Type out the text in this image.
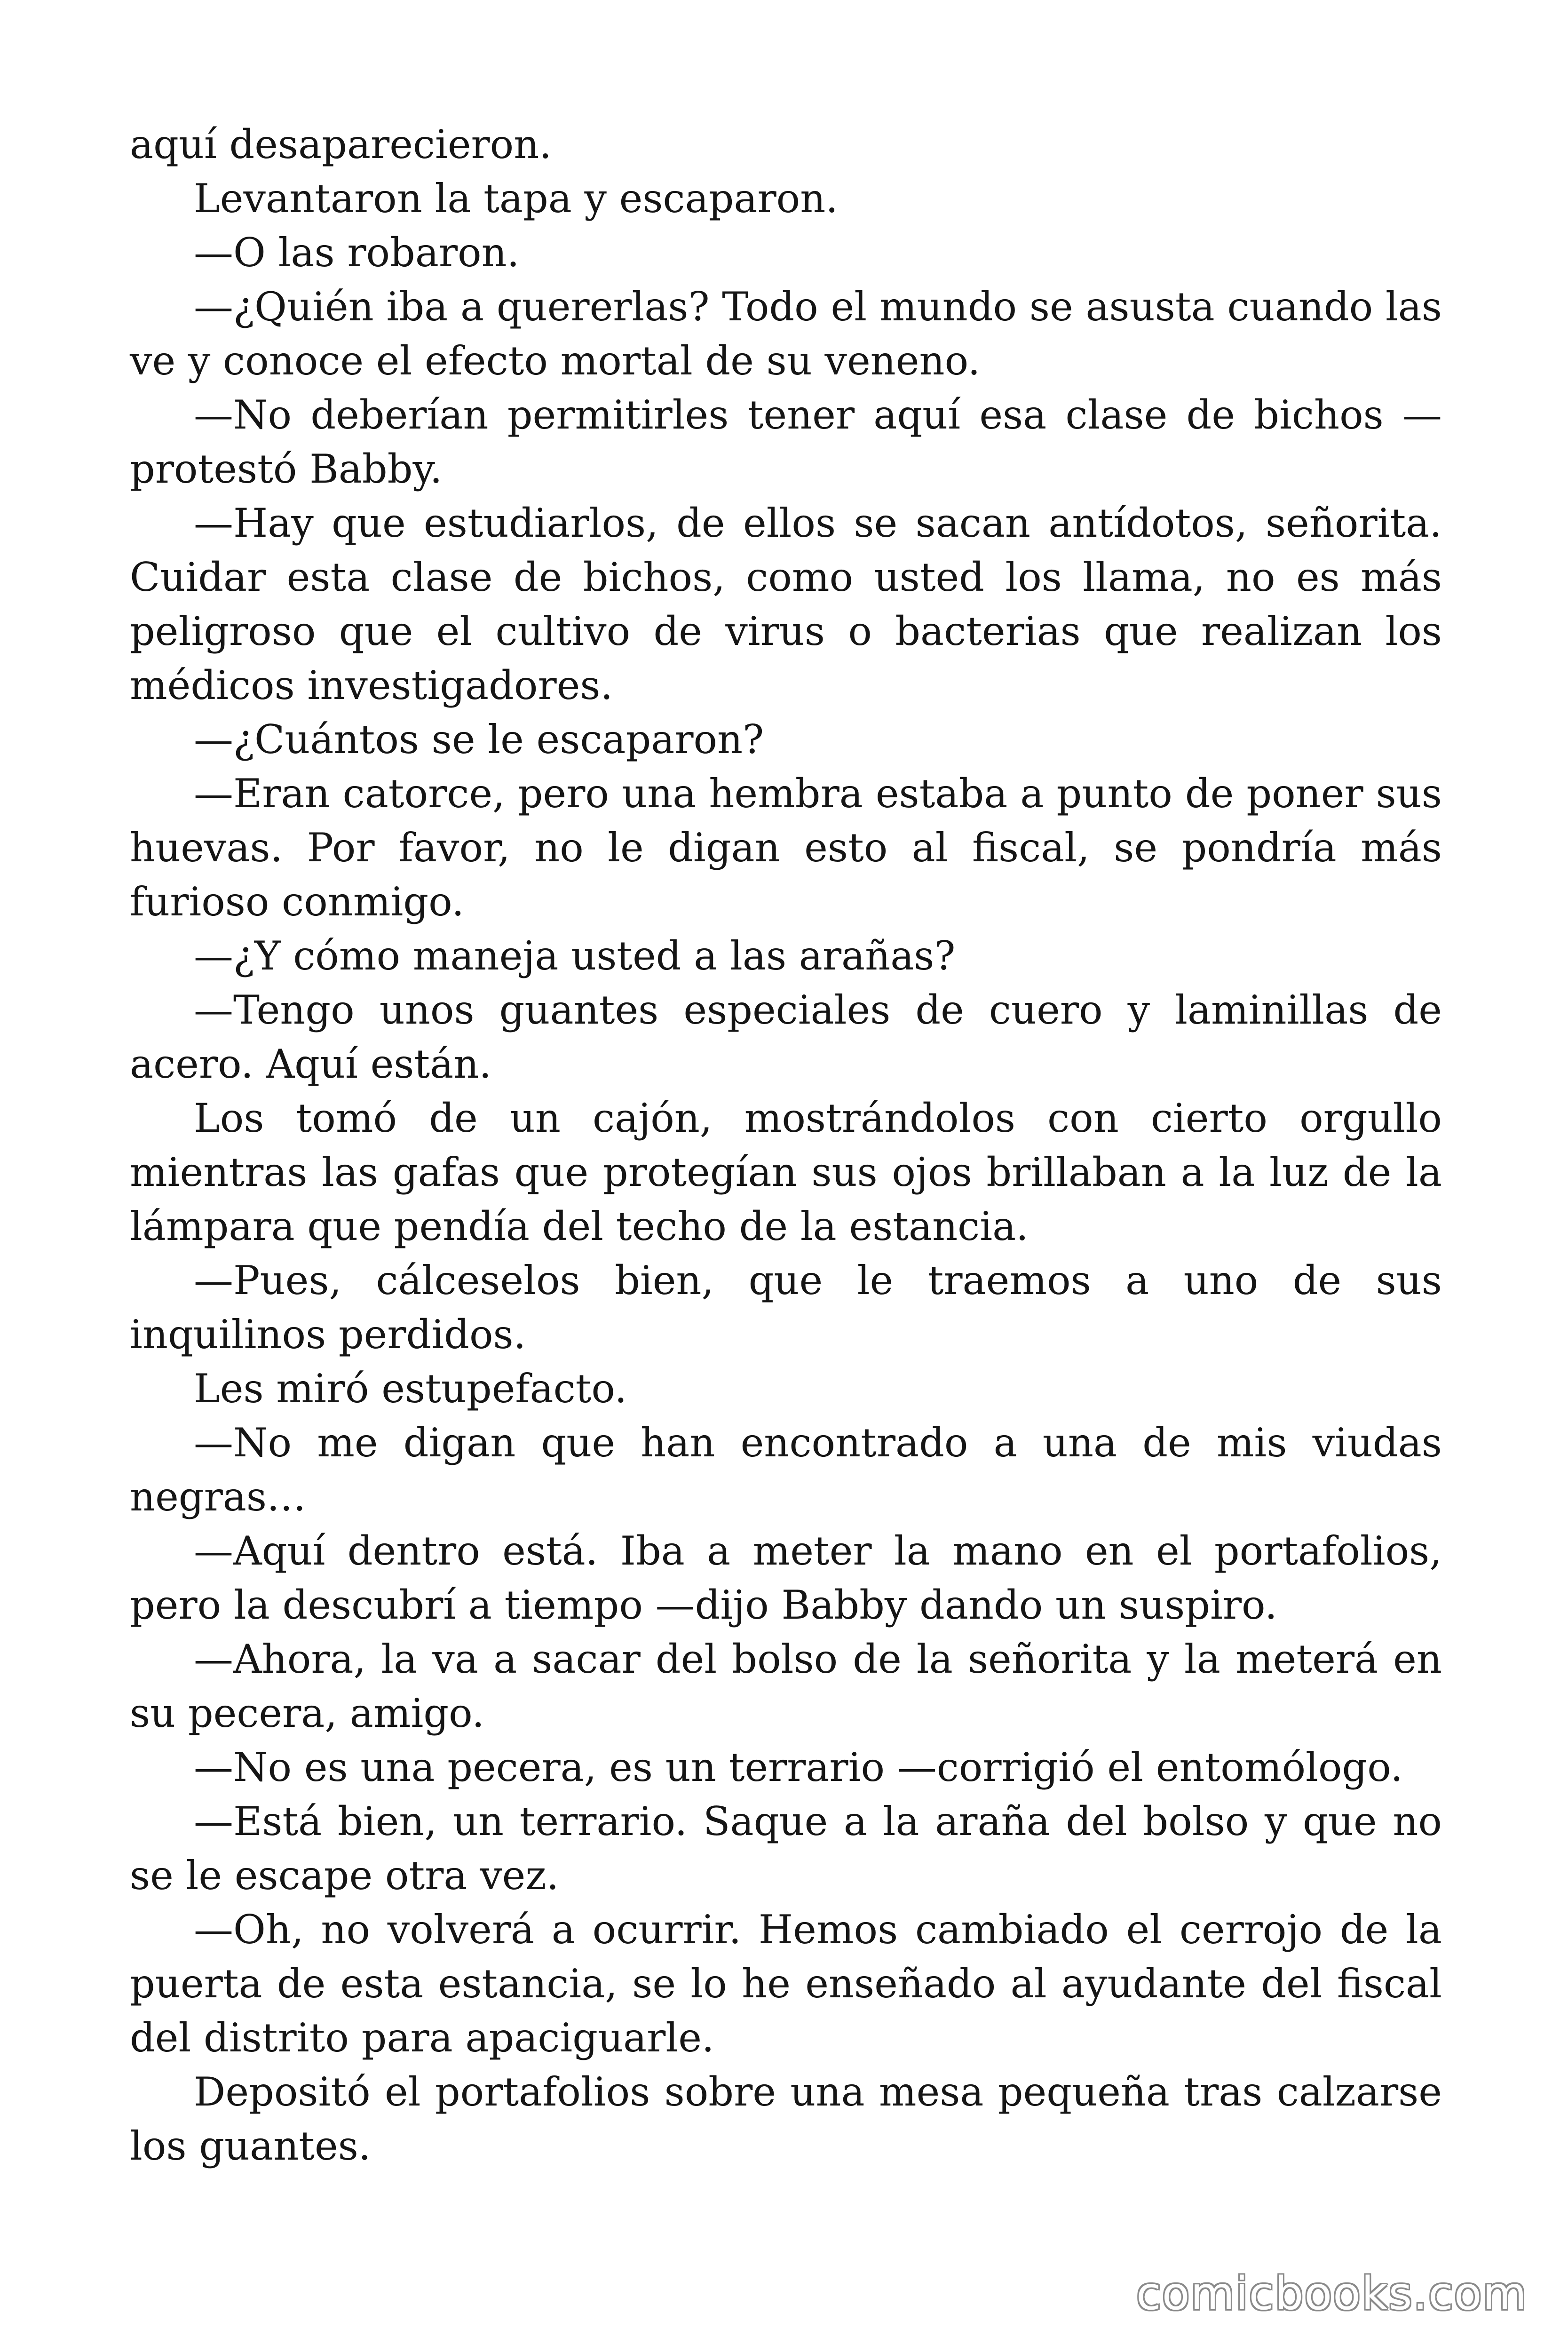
aquí desaparecieron.

Levantaron la tapa y escaparon.

—O las robaron.

—¿Quién iba a quererlas? Todo el mundo se asusta cuando las ve y conoce el efecto mortal de su veneno.

—No deberían permitirles tener aquí esa clase de bichos —protestó Babby.

—Hay que estudiarlos, de ellos se sacan antídotos, señorita. Cuidar esta clase de bichos, como usted los llama, no es más peligroso que el cultivo de virus o bacterias que realizan los médicos investigadores.

—¿Cuántos se le escaparon?

—Eran catorce, pero una hembra estaba a punto de poner sus huevas. Por favor, no le digan esto al fiscal, se pondría más furioso conmigo.

—¿Y cómo maneja usted a las arañas?

—Tengo unos guantes especiales de cuero y laminillas de acero. Aquí están.

Los tomó de un cajón, mostrándolos con cierto orgullo mientras las gafas que protegían sus ojos brillaban a la luz de la lámpara que pendía del techo de la estancia.

—Pues, cálceselos bien, que le traemos a uno de sus inquilinos perdidos.

Les miró estupefacto.

—No me digan que han encontrado a una de mis viudas negras…

—Aquí dentro está. Iba a meter la mano en el portafolios, pero la descubrí a tiempo —dijo Babby dando un suspiro.

—Ahora, la va a sacar del bolso de la señorita y la meterá en su pecera, amigo.

—No es una pecera, es un terrario —corrigió el entomólogo.

—Está bien, un terrario. Saque a la araña del bolso y que no se le escape otra vez.

—Oh, no volverá a ocurrir. Hemos cambiado el cerrojo de la puerta de esta estancia, se lo he enseñado al ayudante del fiscal del distrito para apaciguarle.

Depositó el portafolios sobre una mesa pequeña tras calzarse los guantes.

comicbooks.com
